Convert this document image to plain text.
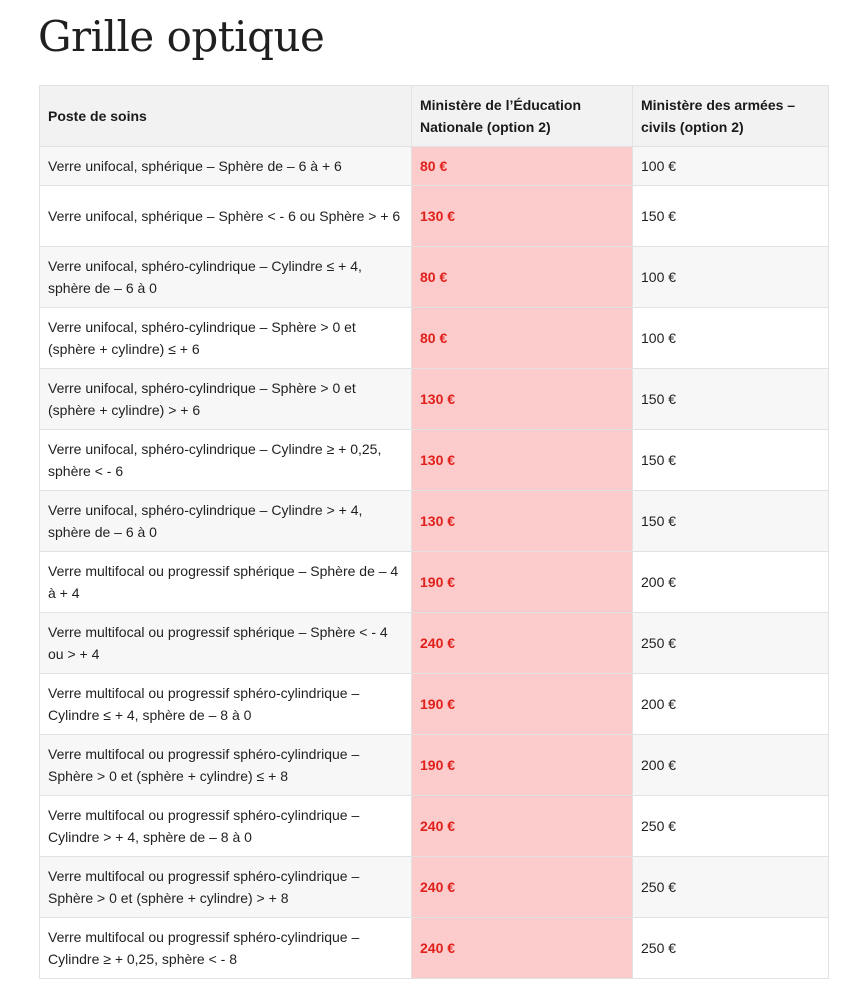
Grille optique
Poste de soins	Ministère de l’Éducation Nationale (option 2)	Ministère des armées – civils (option 2)
Verre unifocal, sphérique – Sphère de – 6 à + 6	80 €	100 €
Verre unifocal, sphérique – Sphère < - 6 ou Sphère > + 6	130 €	150 €
Verre unifocal, sphéro-cylindrique – Cylindre ≤ + 4, sphère de – 6 à 0	80 €	100 €
Verre unifocal, sphéro-cylindrique – Sphère > 0 et (sphère + cylindre) ≤ + 6	80 €	100 €
Verre unifocal, sphéro-cylindrique – Sphère > 0 et (sphère + cylindre) > + 6	130 €	150 €
Verre unifocal, sphéro-cylindrique – Cylindre ≥ + 0,25, sphère < - 6	130 €	150 €
Verre unifocal, sphéro-cylindrique – Cylindre > + 4, sphère de – 6 à 0	130 €	150 €
Verre multifocal ou progressif sphérique – Sphère de – 4 à + 4	190 €	200 €
Verre multifocal ou progressif sphérique – Sphère < - 4 ou > + 4	240 €	250 €
Verre multifocal ou progressif sphéro-cylindrique – Cylindre ≤ + 4, sphère de – 8 à 0	190 €	200 €
Verre multifocal ou progressif sphéro-cylindrique – Sphère > 0 et (sphère + cylindre) ≤ + 8	190 €	200 €
Verre multifocal ou progressif sphéro-cylindrique – Cylindre > + 4, sphère de – 8 à 0	240 €	250 €
Verre multifocal ou progressif sphéro-cylindrique – Sphère > 0 et (sphère + cylindre) > + 8	240 €	250 €
Verre multifocal ou progressif sphéro-cylindrique – Cylindre ≥ + 0,25, sphère < - 8	240 €	250 €
